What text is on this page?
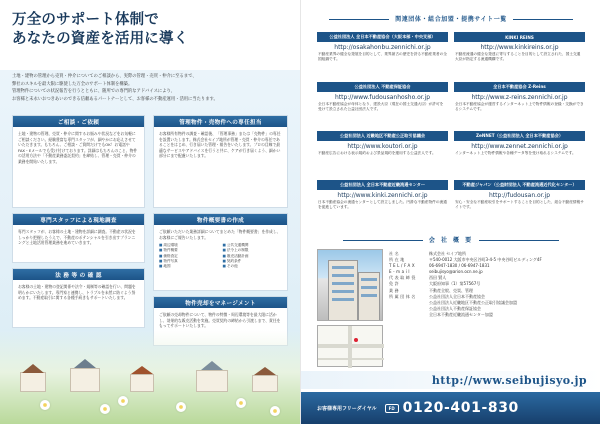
万全のサポート体制で
あなたの資産を活用に導く

土地・建物の管理から売買・仲介についてのご相談から、実際の管理・売買・仲介に至るまで、

弊社のスキルを最大限に駆使した万全のサポート体制を構築。

管理物件についての状況報告を行うとともに、随所での専門的なアドバイスにより、

お客様と末永いおつきあいのできる信頼あるパートナーとして、お客様の不動産運用・活用に当たります。

ご相談・ご依頼
土地・建物の管理、売買・仲介に関するお悩みや状況などをお気軽にご相談ください。経験豊富な専門スタッフが、細やかにお応えさせていただきます。もちろん、ご相談・ご質問だけでもOK！お電話やFAX・Eメールでも受け付けております。詳細はもちろんのこと、物件の活用方法や「不動産業務委託契約」を締結し、管理・売買・仲介の業務を開始いたします。
管理物件・売物件への専任担当
お客様所有物件の調査・確認後、「管理事務」または「売物件」の専任を設置いたします。株式会社セイブ地所が管理・売買・仲介の専任であることをはじめ、行き届いた管理・報告をいたします。プロの目線で最適なサービスやアドバイスを行うと共に、ケアが行き届くよう、細かい部分にまで配慮いたします。
専門スタッフによる現地調査
専門スタッフが、お客様の土地・建物を詳細に調査。不動産の状況をしっかり把握したうえで、不動産のポテンシャルを引き出すプランニングと土地活用管理業務を進めていきます。
物件概要書の作成
ご依頼いただいた業務詳細についてまとめた「物件概要書」を作成し、お客様にご報告いたします。
■ 周辺環境	■ 公共交通機関
■ 物件概要	■ 法令上の制限
■ 価格査定	■ 販売活動計画
■ 物件写真	■ 契約条件
■ 地図	■ その他
法 務 等 の 確 認
お客様の土地・建物の登記関係や法令・規制等の確認を行い、問題を明らかにいたします。専門家と連携し、トラブルを未然に防ぐよう努めます。不動産取引に関する各種手続きもサポートいたします。
物件売却をマネージメント
ご依頼の売却物件について、物件の特徴・周辺環境等を最大限に活かし、効果的な販売活動を実施。売買契約の締結から引渡しまで、責任をもってサポートいたします。
関連団体・組合加盟・提携サイト一覧
公益社団法人 全日本不動産協会（大阪本部・中央支部）
http://osakahonbu.zennichi.or.jp
不動産業界の健全な発展を目的として、業界最古の歴史を誇る不動産業者の全国組織です。
KINKI REINS
http://www.kinkireins.or.jp
不動産流通の健全な発達に寄与することを目的として設立された、国土交通大臣が指定する流通機構です。
公益社団法人 不動産保証協会
http://www.fudousanhosho.or.jp
全日本不動産協会が母体となり、建設大臣（現在の国土交通大臣）が許可を受けて設立された公益社団法人です。
全日本不動産協会 Z-Reins
http://www.z-reins.zennichi.or.jp
全日本不動産協会が運営するインターネット上で物件情報の登録・交換ができるシステムです。
公益社団法人 近畿地区不動産公正取引協議会
http://www.koutori.or.jp
不動産広告における表示規約および景品規約を運用する公益法人です。
ZeNNET（公益社団法人 全日本不動産協会）
http://www.zennet.zennichi.or.jp
インターネット上で物件情報や各種データ等を受け取れるシステムです。
公益社団法人 全日本不動産近畿流通センター
http://www.kinki.zennichi.or.jp
日本不動産協会の流通センターとして設立しました。円滑な不動産物件の流通を促進しています。
不動産ジャパン（公益財団法人 不動産流通近代化センター）
http://fudousan.or.jp
安心・安全な不動産取引をサポートすることを目的とした、総合不動産情報サイトです。
会 社 概 要
社名	株式会社 セイブ地所
所在地	〒540-0012 大阪市中央区谷町3-4-5 中央谷町ビルディング4F
TEL/FAX	06-6947-1830 / 06-6947-1831
E-mail	seibujisyo@arion.ocn.ne.jp
代表取締役	西田 賢人
免許	大阪府知事（1）第57567号
業務	不動産全般、売買、管理
所属団体名	公益社団法人全日本不動産協会
公益社団法人近畿地区不動産公正取引協議会加盟
公益社団法人不動産保証協会
全日本不動産近畿流通センター加盟
http://www.seibujisyo.jp
お客様専用フリーダイヤル	FD 0120-401-830
